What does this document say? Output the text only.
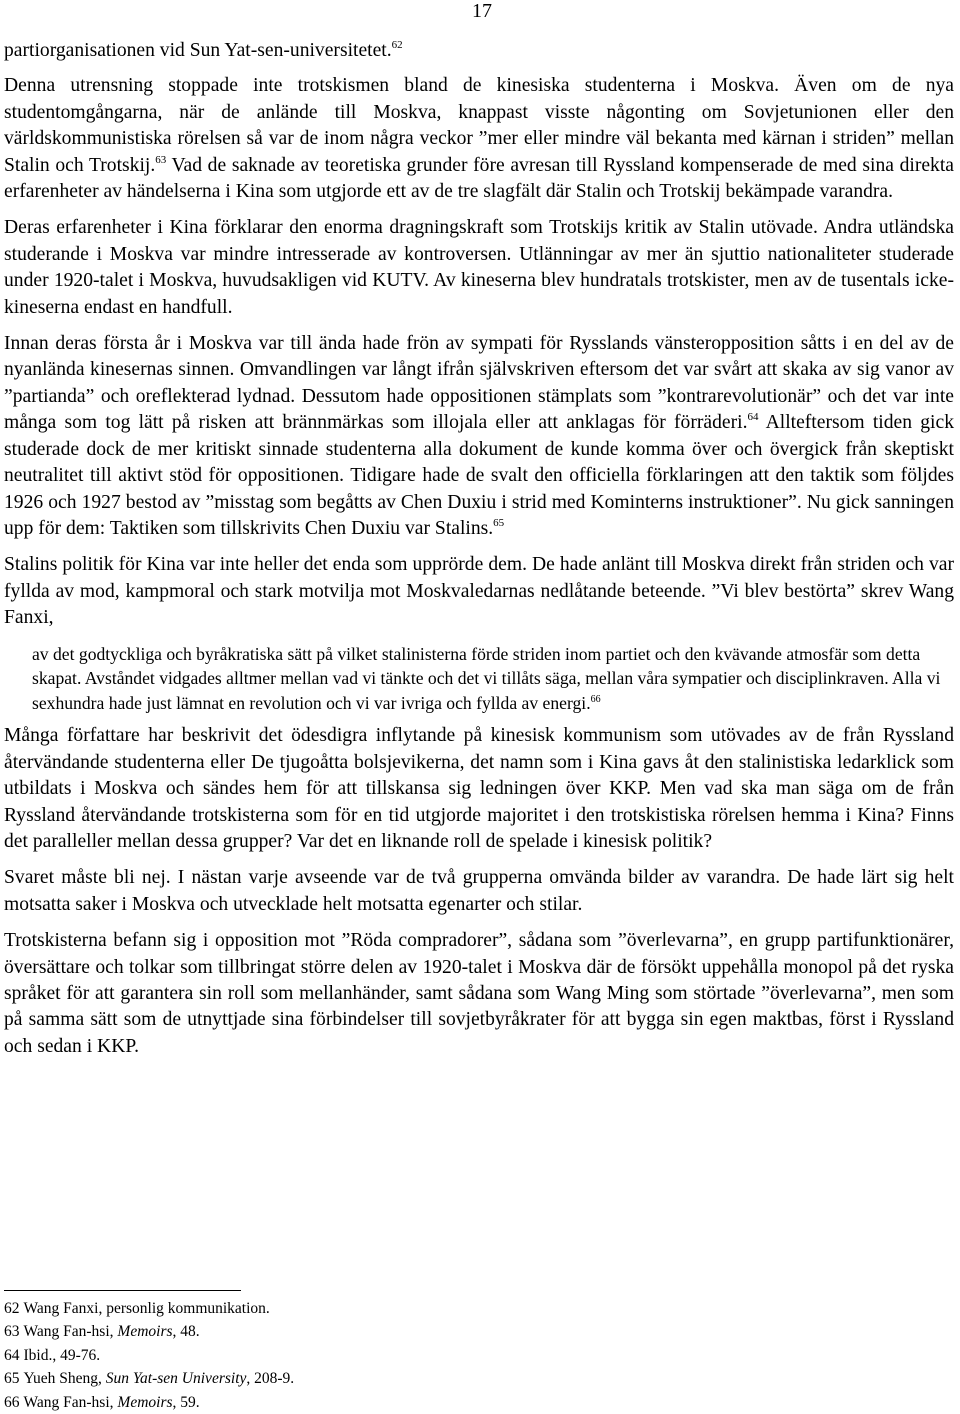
17

partiorganisationen vid Sun Yat-sen-universitetet.$^{62}$

Denna utrensning stoppade inte trotskismen bland de kinesiska studenterna i Moskva. Även om de nya studentomgångarna, när de anlände till Moskva, knappast visste någonting om Sovjetunionen eller den världskommunistiska rörelsen så var de inom några veckor ”mer eller mindre väl bekanta med kärnan i striden” mellan Stalin och Trotskij.$^{63}$ Vad de saknade av teoretiska grunder före avresan till Ryssland kompenserade de med sina direkta erfarenheter av händelserna i Kina som utgjorde ett av de tre slagfält där Stalin och Trotskij bekämpade varandra.

Deras erfarenheter i Kina förklarar den enorma dragningskraft som Trotskijs kritik av Stalin utövade. Andra utländska studerande i Moskva var mindre intresserade av kontroversen. Utlänningar av mer än sjuttio nationaliteter studerade under 1920-talet i Moskva, huvudsakligen vid KUTV. Av kineserna blev hundratals trotskister, men av de tusentals icke-kineserna endast en handfull.

Innan deras första år i Moskva var till ända hade frön av sympati för Rysslands vänsteropposition såtts i en del av de nyanlända kinesernas sinnen. Omvandlingen var långt ifrån självskriven eftersom det var svårt att skaka av sig vanor av ”partianda” och oreflekterad lydnad. Dessutom hade oppositionen stämplats som ”kontrarevolutionär” och det var inte många som tog lätt på risken att brännmärkas som illojala eller att anklagas för förräderi.$^{64}$ Allteftersom tiden gick studerade dock de mer kritiskt sinnade studenterna alla dokument de kunde komma över och övergick från skeptiskt neutralitet till aktivt stöd för oppositionen. Tidigare hade de svalt den officiella förklaringen att den taktik som följdes 1926 och 1927 bestod av ”misstag som begåtts av Chen Duxiu i strid med Kominterns instruktioner”. Nu gick sanningen upp för dem: Taktiken som tillskrivits Chen Duxiu var Stalins.$^{65}$

Stalins politik för Kina var inte heller det enda som upprörde dem. De hade anlänt till Moskva direkt från striden och var fyllda av mod, kampmoral och stark motvilja mot Moskvaledarnas nedlåtande beteende. ”Vi blev bestörta” skrev Wang Fanxi,

av det godtyckliga och byråkratiska sätt på vilket stalinisterna förde striden inom partiet och den kvävande atmosfär som detta skapat. Avståndet vidgades alltmer mellan vad vi tänkte och det vi tillåts säga, mellan våra sympatier och disciplinkraven. Alla vi sexhundra hade just lämnat en revolution och vi var ivriga och fyllda av energi.$^{66}$

Många författare har beskrivit det ödesdigra inflytande på kinesisk kommunism som utövades av de från Ryssland återvändande studenterna eller De tjugoåtta bolsjevikerna, det namn som i Kina gavs åt den stalinistiska ledarklick som utbildats i Moskva och sändes hem för att tillskansa sig ledningen över KKP. Men vad ska man säga om de från Ryssland återvändande trotskisterna som för en tid utgjorde majoritet i den trotskistiska rörelsen hemma i Kina? Finns det paralleller mellan dessa grupper? Var det en liknande roll de spelade i kinesisk politik?

Svaret måste bli nej. I nästan varje avseende var de två grupperna omvända bilder av varandra. De hade lärt sig helt motsatta saker i Moskva och utvecklade helt motsatta egenarter och stilar.

Trotskisterna befann sig i opposition mot ”Röda compradorer”, sådana som ”överlevarna”, en grupp partifunktionärer, översättare och tolkar som tillbringat större delen av 1920-talet i Moskva där de försökt uppehålla monopol på det ryska språket för att garantera sin roll som mellanhänder, samt sådana som Wang Ming som störtade ”överlevarna”, men som på samma sätt som de utnyttjade sina förbindelser till sovjetbyråkrater för att bygga sin egen maktbas, först i Ryssland och sedan i KKP.

62 Wang Fanxi, personlig kommunikation.
63 Wang Fan-hsi, Memoirs, 48.
64 Ibid., 49-76.
65 Yueh Sheng, Sun Yat-sen University, 208-9.
66 Wang Fan-hsi, Memoirs, 59.
